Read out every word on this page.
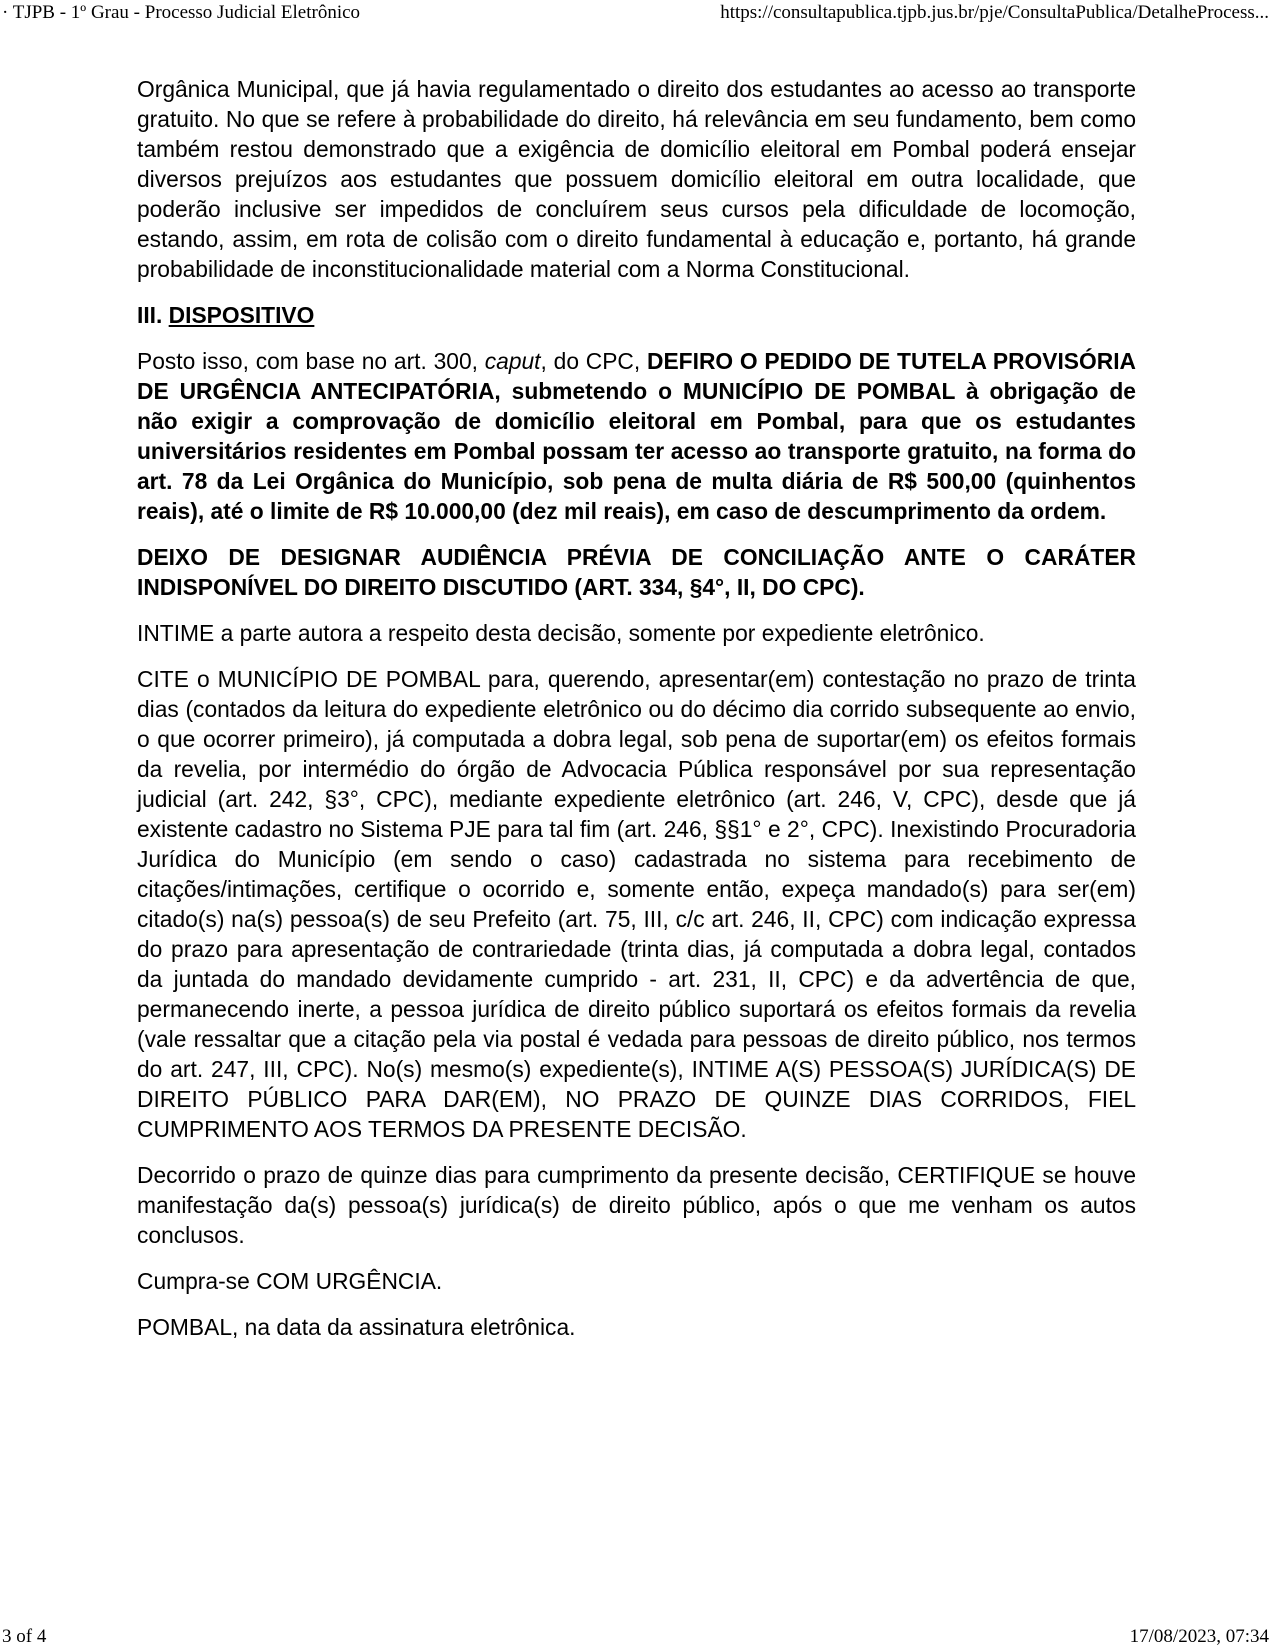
· TJPB - 1º Grau - Processo Judicial Eletrônico	https://consultapublica.tjpb.jus.br/pje/ConsultaPublica/DetalheProcess...

Orgânica Municipal, que já havia regulamentado o direito dos estudantes ao acesso ao transporte gratuito. No que se refere à probabilidade do direito, há relevância em seu fundamento, bem como também restou demonstrado que a exigência de domicílio eleitoral em Pombal poderá ensejar diversos prejuízos aos estudantes que possuem domicílio eleitoral em outra localidade, que poderão inclusive ser impedidos de concluírem seus cursos pela dificuldade de locomoção, estando, assim, em rota de colisão com o direito fundamental à educação e, portanto, há grande probabilidade de inconstitucionalidade material com a Norma Constitucional.

III. DISPOSITIVO

Posto isso, com base no art. 300, caput, do CPC, DEFIRO O PEDIDO DE TUTELA PROVISÓRIA DE URGÊNCIA ANTECIPATÓRIA, submetendo o MUNICÍPIO DE POMBAL à obrigação de não exigir a comprovação de domicílio eleitoral em Pombal, para que os estudantes universitários residentes em Pombal possam ter acesso ao transporte gratuito, na forma do art. 78 da Lei Orgânica do Município, sob pena de multa diária de R$ 500,00 (quinhentos reais), até o limite de R$ 10.000,00 (dez mil reais), em caso de descumprimento da ordem.

DEIXO DE DESIGNAR AUDIÊNCIA PRÉVIA DE CONCILIAÇÃO ANTE O CARÁTER INDISPONÍVEL DO DIREITO DISCUTIDO (ART. 334, §4°, II, DO CPC).

INTIME a parte autora a respeito desta decisão, somente por expediente eletrônico.

CITE o MUNICÍPIO DE POMBAL para, querendo, apresentar(em) contestação no prazo de trinta dias (contados da leitura do expediente eletrônico ou do décimo dia corrido subsequente ao envio, o que ocorrer primeiro), já computada a dobra legal, sob pena de suportar(em) os efeitos formais da revelia, por intermédio do órgão de Advocacia Pública responsável por sua representação judicial (art. 242, §3°, CPC), mediante expediente eletrônico (art. 246, V, CPC), desde que já existente cadastro no Sistema PJE para tal fim (art. 246, §§1° e 2°, CPC). Inexistindo Procuradoria Jurídica do Município (em sendo o caso) cadastrada no sistema para recebimento de citações/intimações, certifique o ocorrido e, somente então, expeça mandado(s) para ser(em) citado(s) na(s) pessoa(s) de seu Prefeito (art. 75, III, c/c art. 246, II, CPC) com indicação expressa do prazo para apresentação de contrariedade (trinta dias, já computada a dobra legal, contados da juntada do mandado devidamente cumprido - art. 231, II, CPC) e da advertência de que, permanecendo inerte, a pessoa jurídica de direito público suportará os efeitos formais da revelia (vale ressaltar que a citação pela via postal é vedada para pessoas de direito público, nos termos do art. 247, III, CPC). No(s) mesmo(s) expediente(s), INTIME A(S) PESSOA(S) JURÍDICA(S) DE DIREITO PÚBLICO PARA DAR(EM), NO PRAZO DE QUINZE DIAS CORRIDOS, FIEL CUMPRIMENTO AOS TERMOS DA PRESENTE DECISÃO.

Decorrido o prazo de quinze dias para cumprimento da presente decisão, CERTIFIQUE se houve manifestação da(s) pessoa(s) jurídica(s) de direito público, após o que me venham os autos conclusos.

Cumpra-se COM URGÊNCIA.

POMBAL, na data da assinatura eletrônica.

3 of 4	17/08/2023, 07:34
